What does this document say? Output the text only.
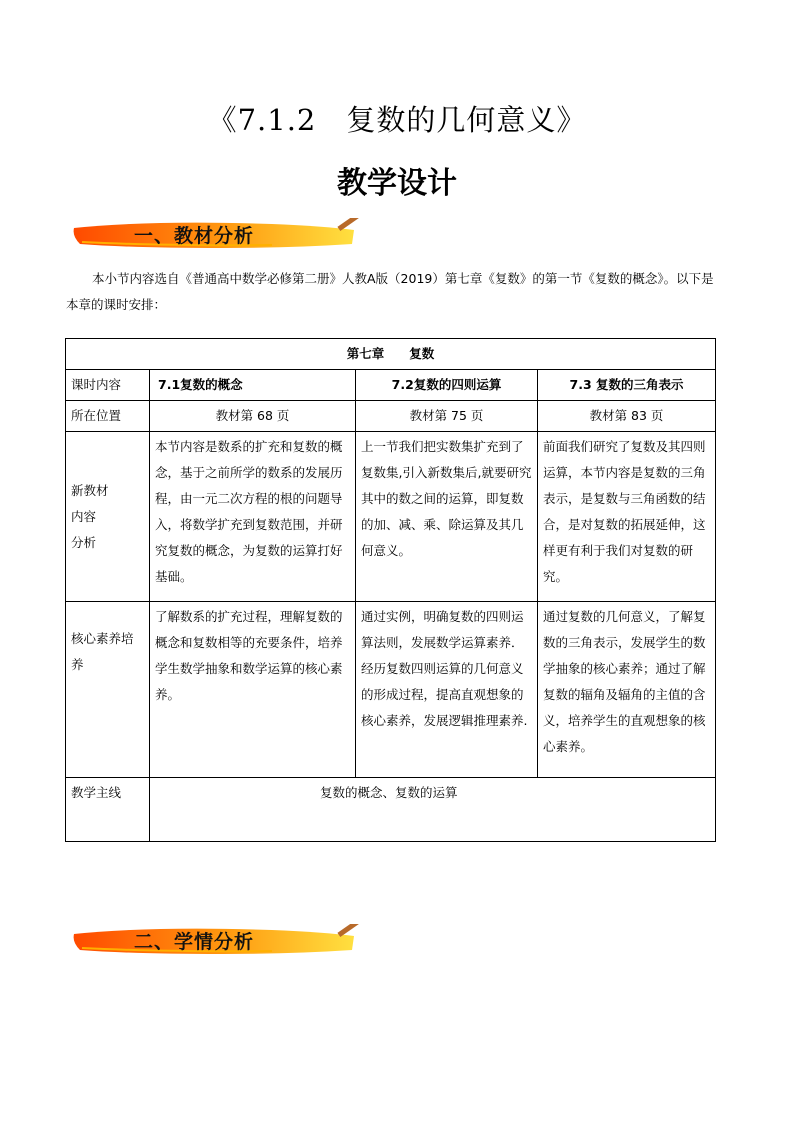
《7.1.2　复数的几何意义》
教学设计
一、教材分析
本小节内容选自《普通高中数学必修第二册》人教A版（2019）第七章《复数》的第一节《复数的概念》。以下是本章的课时安排：
第七章　　复数			
课时内容	7.1复数的概念	7.2复数的四则运算	7.3 复数的三角表示
所在位置	教材第 68 页	教材第 75 页	教材第 83 页
新教材
内容
分析	本节内容是数系的扩充和复数的概念，基于之前所学的数系的发展历程，由一元二次方程的根的问题导入，将数学扩充到复数范围，并研究复数的概念，为复数的运算打好基础。	上一节我们把实数集扩充到了复数集,引入新数集后,就要研究其中的数之间的运算，即复数的加、减、乘、除运算及其几何意义。	前面我们研究了复数及其四则运算，本节内容是复数的三角表示，是复数与三角函数的结合，是对复数的拓展延伸，这样更有利于我们对复数的研究。
核心素养培养	了解数系的扩充过程，理解复数的概念和复数相等的充要条件，培养学生数学抽象和数学运算的核心素养。	通过实例，明确复数的四则运算法则，发展数学运算素养．经历复数四则运算的几何意义的形成过程，提高直观想象的核心素养，发展逻辑推理素养.	通过复数的几何意义，了解复数的三角表示，发展学生的数学抽象的核心素养；通过了解复数的辐角及辐角的主值的含义，培养学生的直观想象的核心素养。
教学主线	复数的概念、复数的运算		
二、学情分析
